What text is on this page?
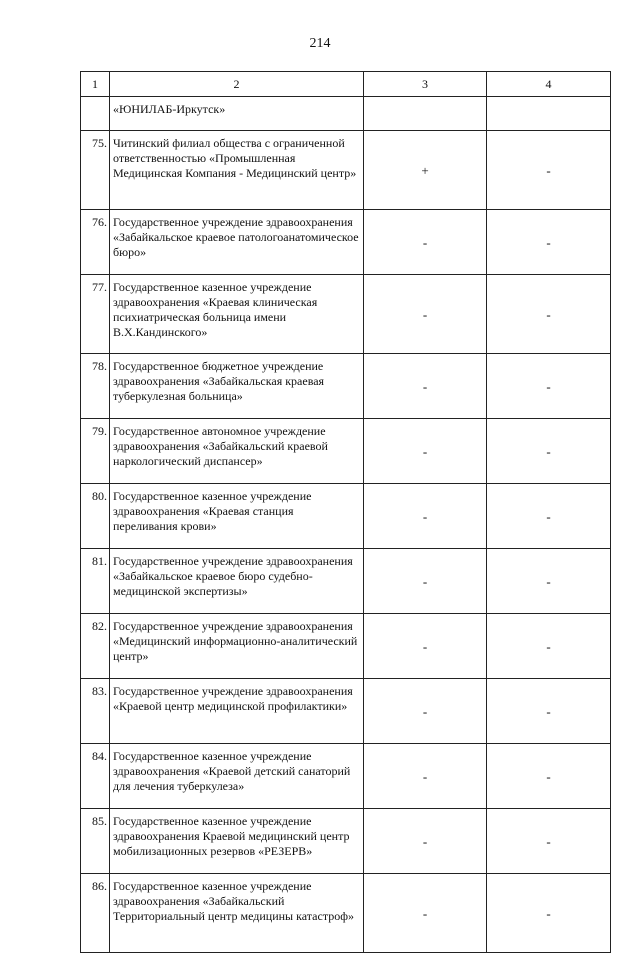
214
1	2	3	4
	«ЮНИЛАБ-Иркутск»		
75.	Читинский филиал общества с ограниченной ответственностью «Промышленная Медицинская Компания - Медицинский центр»	+	-
76.	Государственное учреждение здравоохранения «Забайкальское краевое патологоанатомическое бюро»	-	-
77.	Государственное казенное учреждение здравоохранения «Краевая клиническая психиатрическая больница имени В.Х.Кандинского»	-	-
78.	Государственное бюджетное учреждение здравоохранения «Забайкальская краевая туберкулезная больница»	-	-
79.	Государственное автономное учреждение здравоохранения «Забайкальский краевой наркологический диспансер»	-	-
80.	Государственное казенное учреждение здравоохранения «Краевая станция переливания крови»	-	-
81.	Государственное учреждение здравоохранения «Забайкальское краевое бюро судебно-медицинской экспертизы»	-	-
82.	Государственное учреждение здравоохранения «Медицинский информационно-аналитический центр»	-	-
83.	Государственное учреждение здравоохранения «Краевой центр медицинской профилактики»	-	-
84.	Государственное казенное учреждение здравоохранения «Краевой детский санаторий для лечения туберкулеза»	-	-
85.	Государственное казенное учреждение здравоохранения Краевой медицинский центр мобилизационных резервов «РЕЗЕРВ»	-	-
86.	Государственное казенное учреждение здравоохранения «Забайкальский Территориальный центр медицины катастроф»	-	-
